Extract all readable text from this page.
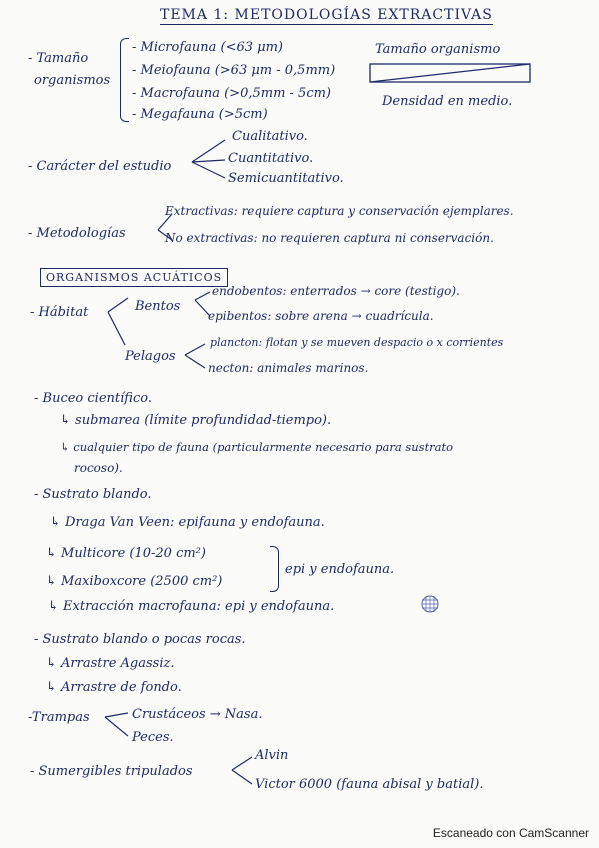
TEMA 1: METODOLOGÍAS EXTRACTIVAS
- Tamaño
organismos
- Microfauna (<63 μm)
- Meiofauna (>63 μm - 0,5mm)
- Macrofauna (>0,5mm - 5cm)
- Megafauna (>5cm)
Tamaño organismo
Densidad en medio.
- Carácter del estudio
Cualitativo.
Cuantitativo.
Semicuantitativo.
- Metodologías
Extractivas: requiere captura y conservación ejemplares.
No extractivas: no requieren captura ni conservación.
ORGANISMOS ACUÁTICOS
- Hábitat	Bentos
endobentos: enterrados → core (testigo).
epibentos: sobre arena → cuadrícula.
Pelagos
plancton: flotan y se mueven despacio o x corrientes
necton: animales marinos.
- Buceo científico.
↳ submarea (límite profundidad-tiempo).
↳ cualquier tipo de fauna (particularmente necesario para sustrato
rocoso).
- Sustrato blando.
↳ Draga Van Veen: epifauna y endofauna.
↳ Multicore (10-20 cm²)
↳ Maxiboxcore (2500 cm²)
epi y endofauna.
↳ Extracción macrofauna: epi y endofauna.
- Sustrato blando o pocas rocas.
↳ Arrastre Agassiz.
↳ Arrastre de fondo.
-Trampas	Crustáceos → Nasa.
Peces.
- Sumergibles tripulados
Alvin
Victor 6000 (fauna abisal y batial).
Escaneado con CamScanner
